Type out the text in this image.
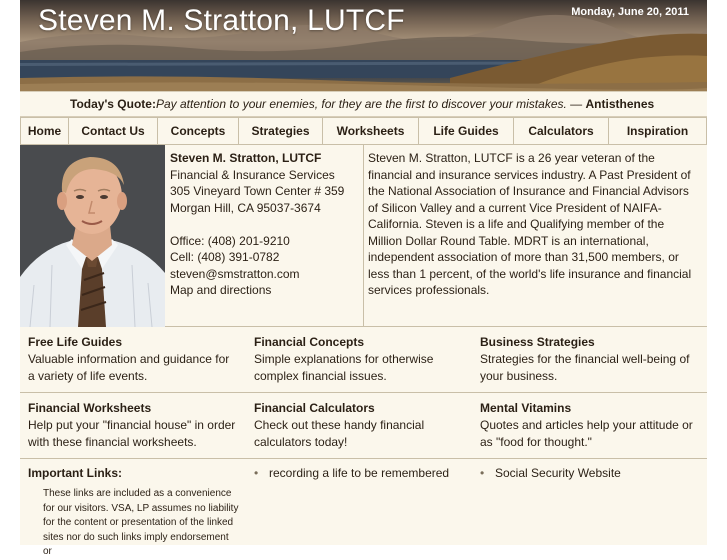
Steven M. Stratton, LUTCF	Monday, June 20, 2011
Today's Quote:Pay attention to your enemies, for they are the first to discover your mistakes. — Antisthenes
Home	Contact Us	Concepts	Strategies	Worksheets	Life Guides	Calculators	Inspiration
Steven M. Stratton, LUTCF
Financial & Insurance Services
305 Vineyard Town Center # 359
Morgan Hill, CA 95037-3674
Office: (408) 201-9210
Cell: (408) 391-0782
steven@smstratton.com
Map and directions
Steven M. Stratton, LUTCF is a 26 year veteran of the financial and insurance services industry. A Past President of the National Association of Insurance and Financial Advisors of Silicon Valley and a current Vice President of NAIFA-California. Steven is a life and Qualifying member of the Million Dollar Round Table. MDRT is an international, independent association of more than 31,500 members, or less than 1 percent, of the world's life insurance and financial services professionals.
Free Life Guides
Valuable information and guidance for a variety of life events.
Financial Concepts
Simple explanations for otherwise complex financial issues.
Business Strategies
Strategies for the financial well-being of your business.
Financial Worksheets
Help put your "financial house" in order with these financial worksheets.
Financial Calculators
Check out these handy financial calculators today!
Mental Vitamins
Quotes and articles help your attitude or as "food for thought."
Important Links:
These links are included as a convenience for our visitors. VSA, LP assumes no liability for the content or presentation of the linked sites nor do such links imply endorsement or
• recording a life to be remembered
•	Social Security Website
